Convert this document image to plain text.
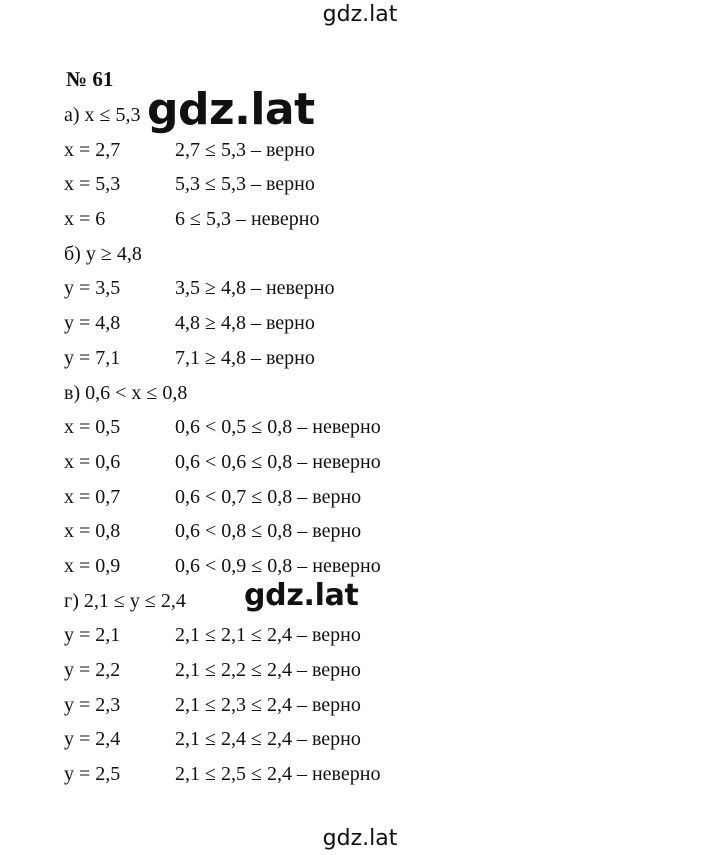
gdz.lat
№ 61
а) x ≤ 5,3
x = 2,7	2,7 ≤ 5,3 – верно
x = 5,3	5,3 ≤ 5,3 – верно
x = 6	6 ≤ 5,3 – неверно
б) y ≥ 4,8
y = 3,5	3,5 ≥ 4,8 – неверно
y = 4,8	4,8 ≥ 4,8 – верно
y = 7,1	7,1 ≥ 4,8 – верно
в) 0,6 < x ≤ 0,8
x = 0,5	0,6 < 0,5 ≤ 0,8 – неверно
x = 0,6	0,6 < 0,6 ≤ 0,8 – неверно
x = 0,7	0,6 < 0,7 ≤ 0,8 – верно
x = 0,8	0,6 < 0,8 ≤ 0,8 – верно
x = 0,9	0,6 < 0,9 ≤ 0,8 – неверно
г) 2,1 ≤ y ≤ 2,4
y = 2,1	2,1 ≤ 2,1 ≤ 2,4 – верно
y = 2,2	2,1 ≤ 2,2 ≤ 2,4 – верно
y = 2,3	2,1 ≤ 2,3 ≤ 2,4 – верно
y = 2,4	2,1 ≤ 2,4 ≤ 2,4 – верно
y = 2,5	2,1 ≤ 2,5 ≤ 2,4 – неверно
gdz.lat
gdz.lat
gdz.lat
